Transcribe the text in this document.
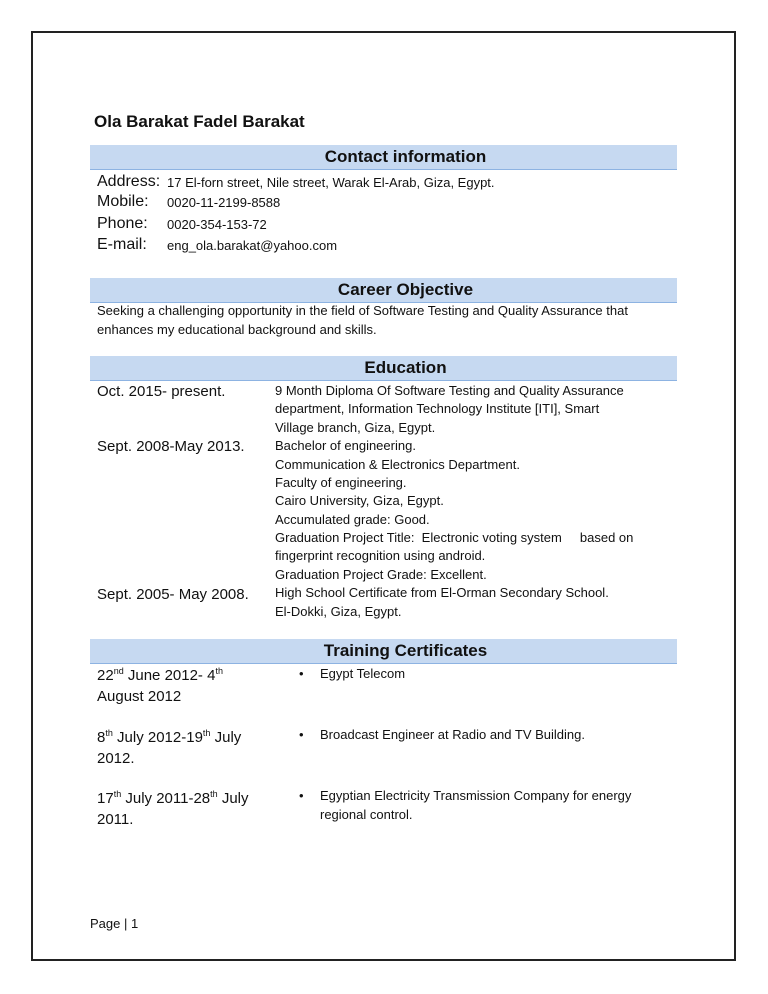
Ola Barakat Fadel Barakat
Contact information
Address: 17 El-forn street, Nile street, Warak El-Arab, Giza, Egypt.
Mobile: 0020-11-2199-8588
Phone: 0020-354-153-72
E-mail: eng_ola.barakat@yahoo.com
Career Objective
Seeking a challenging opportunity in the field of Software Testing and Quality Assurance that
enhances my educational background and skills.
Education
Oct. 2015- present.	9 Month Diploma Of Software Testing and Quality Assurance
department, Information Technology Institute [ITI], Smart
Village branch, Giza, Egypt.
Sept. 2008-May 2013. Bachelor of engineering.
Communication & Electronics Department.
Faculty of engineering.
Cairo University, Giza, Egypt.
Accumulated grade: Good.
Graduation Project Title:  Electronic voting system     based on
fingerprint recognition using android.
Graduation Project Grade: Excellent.
Sept. 2005- May 2008. High School Certificate from El-Orman Secondary School.
El-Dokki, Giza, Egypt.
Training Certificates
22nd June 2012- 4th
August 2012
• Egypt Telecom
8th July 2012-19th July 2012.
• Broadcast Engineer at Radio and TV Building.
17th July 2011-28th July 2011.
• Egyptian Electricity Transmission Company for energy
regional control.
Page | 1
